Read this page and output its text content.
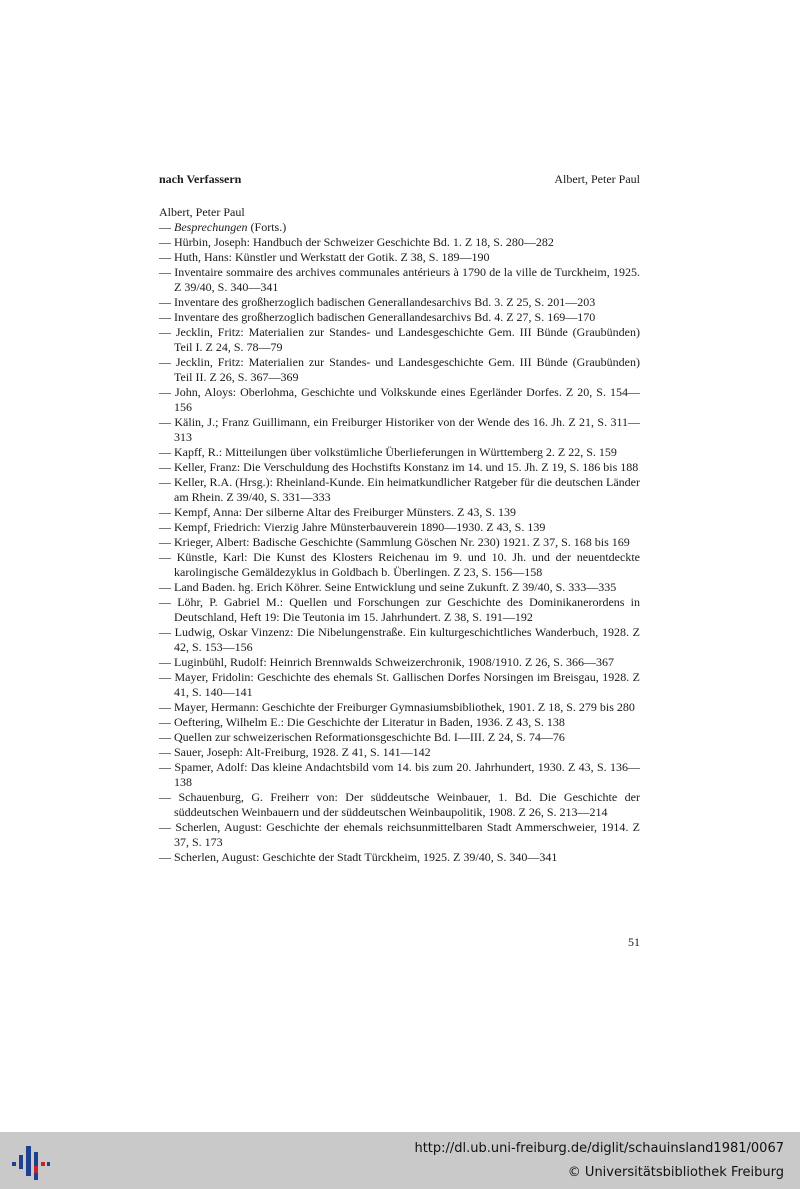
nach Verfassern	Albert, Peter Paul

Albert, Peter Paul

— Besprechungen (Forts.)

— Hürbin, Joseph: Handbuch der Schweizer Geschichte Bd. 1. Z 18, S. 280—282

— Huth, Hans: Künstler und Werkstatt der Gotik. Z 38, S. 189—190

— Inventaire sommaire des archives communales antérieurs à 1790 de la ville de Turckheim, 1925. Z 39/40, S. 340—341

— Inventare des großherzoglich badischen Generallandesarchivs Bd. 3. Z 25, S. 201—203

— Inventare des großherzoglich badischen Generallandesarchivs Bd. 4. Z 27, S. 169—170

— Jecklin, Fritz: Materialien zur Standes- und Landesgeschichte Gem. III Bünde (Graubünden) Teil I. Z 24, S. 78—79

— Jecklin, Fritz: Materialien zur Standes- und Landesgeschichte Gem. III Bünde (Graubünden) Teil II. Z 26, S. 367—369

— John, Aloys: Oberlohma, Geschichte und Volkskunde eines Egerländer Dorfes. Z 20, S. 154—156

— Kälin, J.; Franz Guillimann, ein Freiburger Historiker von der Wende des 16. Jh. Z 21, S. 311—313

— Kapff, R.: Mitteilungen über volkstümliche Überlieferungen in Württemberg 2. Z 22, S. 159

— Keller, Franz: Die Verschuldung des Hochstifts Konstanz im 14. und 15. Jh. Z 19, S. 186 bis 188

— Keller, R.A. (Hrsg.): Rheinland-Kunde. Ein heimatkundlicher Ratgeber für die deutschen Länder am Rhein. Z 39/40, S. 331—333

— Kempf, Anna: Der silberne Altar des Freiburger Münsters. Z 43, S. 139

— Kempf, Friedrich: Vierzig Jahre Münsterbauverein 1890—1930. Z 43, S. 139

— Krieger, Albert: Badische Geschichte (Sammlung Göschen Nr. 230) 1921. Z 37, S. 168 bis 169

— Künstle, Karl: Die Kunst des Klosters Reichenau im 9. und 10. Jh. und der neuentdeckte karolingische Gemäldezyklus in Goldbach b. Überlingen. Z 23, S. 156—158

— Land Baden. hg. Erich Köhrer. Seine Entwicklung und seine Zukunft. Z 39/40, S. 333—335

— Löhr, P. Gabriel M.: Quellen und Forschungen zur Geschichte des Dominikanerordens in Deutschland, Heft 19: Die Teutonia im 15. Jahrhundert. Z 38, S. 191—192

— Ludwig, Oskar Vinzenz: Die Nibelungenstraße. Ein kulturgeschichtliches Wanderbuch, 1928. Z 42, S. 153—156

— Luginbühl, Rudolf: Heinrich Brennwalds Schweizerchronik, 1908/1910. Z 26, S. 366—367

— Mayer, Fridolin: Geschichte des ehemals St. Gallischen Dorfes Norsingen im Breisgau, 1928. Z 41, S. 140—141

— Mayer, Hermann: Geschichte der Freiburger Gymnasiumsbibliothek, 1901. Z 18, S. 279 bis 280

— Oeftering, Wilhelm E.: Die Geschichte der Literatur in Baden, 1936. Z 43, S. 138

— Quellen zur schweizerischen Reformationsgeschichte Bd. I—III. Z 24, S. 74—76

— Sauer, Joseph: Alt-Freiburg, 1928. Z 41, S. 141—142

— Spamer, Adolf: Das kleine Andachtsbild vom 14. bis zum 20. Jahrhundert, 1930. Z 43, S. 136—138

— Schauenburg, G. Freiherr von: Der süddeutsche Weinbauer, 1. Bd. Die Geschichte der süddeutschen Weinbauern und der süddeutschen Weinbaupolitik, 1908. Z 26, S. 213—214

— Scherlen, August: Geschichte der ehemals reichsunmittelbaren Stadt Ammerschweier, 1914. Z 37, S. 173

— Scherlen, August: Geschichte der Stadt Türckheim, 1925. Z 39/40, S. 340—341

51
http://dl.ub.uni-freiburg.de/diglit/schauinsland1981/0067
© Universitätsbibliothek Freiburg
